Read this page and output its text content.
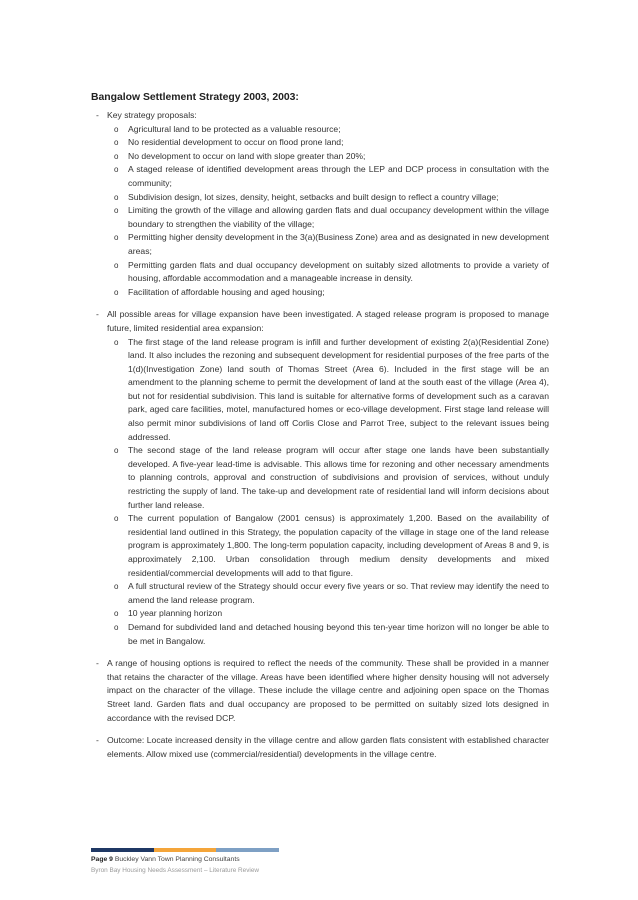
Bangalow Settlement Strategy 2003, 2003:
- Key strategy proposals:
o Agricultural land to be protected as a valuable resource;
o No residential development to occur on flood prone land;
o No development to occur on land with slope greater than 20%;
o A staged release of identified development areas through the LEP and DCP process in consultation with the community;
o Subdivision design, lot sizes, density, height, setbacks and built design to reflect a country village;
o Limiting the growth of the village and allowing garden flats and dual occupancy development within the village boundary to strengthen the viability of the village;
o Permitting higher density development in the 3(a)(Business Zone) area and as designated in new development areas;
o Permitting garden flats and dual occupancy development on suitably sized allotments to provide a variety of housing, affordable accommodation and a manageable increase in density.
o Facilitation of affordable housing and aged housing;
- All possible areas for village expansion have been investigated. A staged release program is proposed to manage future, limited residential area expansion:
o The first stage of the land release program is infill and further development of existing 2(a)(Residential Zone) land. It also includes the rezoning and subsequent development for residential purposes of the free parts of the 1(d)(Investigation Zone) land south of Thomas Street (Area 6). Included in the first stage will be an amendment to the planning scheme to permit the development of land at the south east of the village (Area 4), but not for residential subdivision. This land is suitable for alternative forms of development such as a caravan park, aged care facilities, motel, manufactured homes or eco-village development. First stage land release will also permit minor subdivisions of land off Corlis Close and Parrot Tree, subject to the relevant issues being addressed.
o The second stage of the land release program will occur after stage one lands have been substantially developed. A five-year lead-time is advisable. This allows time for rezoning and other necessary amendments to planning controls, approval and construction of subdivisions and provision of services, without unduly restricting the supply of land. The take-up and development rate of residential land will inform decisions about further land release.
o The current population of Bangalow (2001 census) is approximately 1,200. Based on the availability of residential land outlined in this Strategy, the population capacity of the village in stage one of the land release program is approximately 1,800. The long-term population capacity, including development of Areas 8 and 9, is approximately 2,100. Urban consolidation through medium density developments and mixed residential/commercial developments will add to that figure.
o A full structural review of the Strategy should occur every five years or so. That review may identify the need to amend the land release program.
o 10 year planning horizon
o Demand for subdivided land and detached housing beyond this ten-year time horizon will no longer be able to be met in Bangalow.
- A range of housing options is required to reflect the needs of the community. These shall be provided in a manner that retains the character of the village. Areas have been identified where higher density housing will not adversely impact on the character of the village. These include the village centre and adjoining open space on the Thomas Street land. Garden flats and dual occupancy are proposed to be permitted on suitably sized lots designed in accordance with the revised DCP.
- Outcome: Locate increased density in the village centre and allow garden flats consistent with established character elements. Allow mixed use (commercial/residential) developments in the village centre.
Page 9 Buckley Vann Town Planning Consultants
Byron Bay Housing Needs Assessment – Literature Review
